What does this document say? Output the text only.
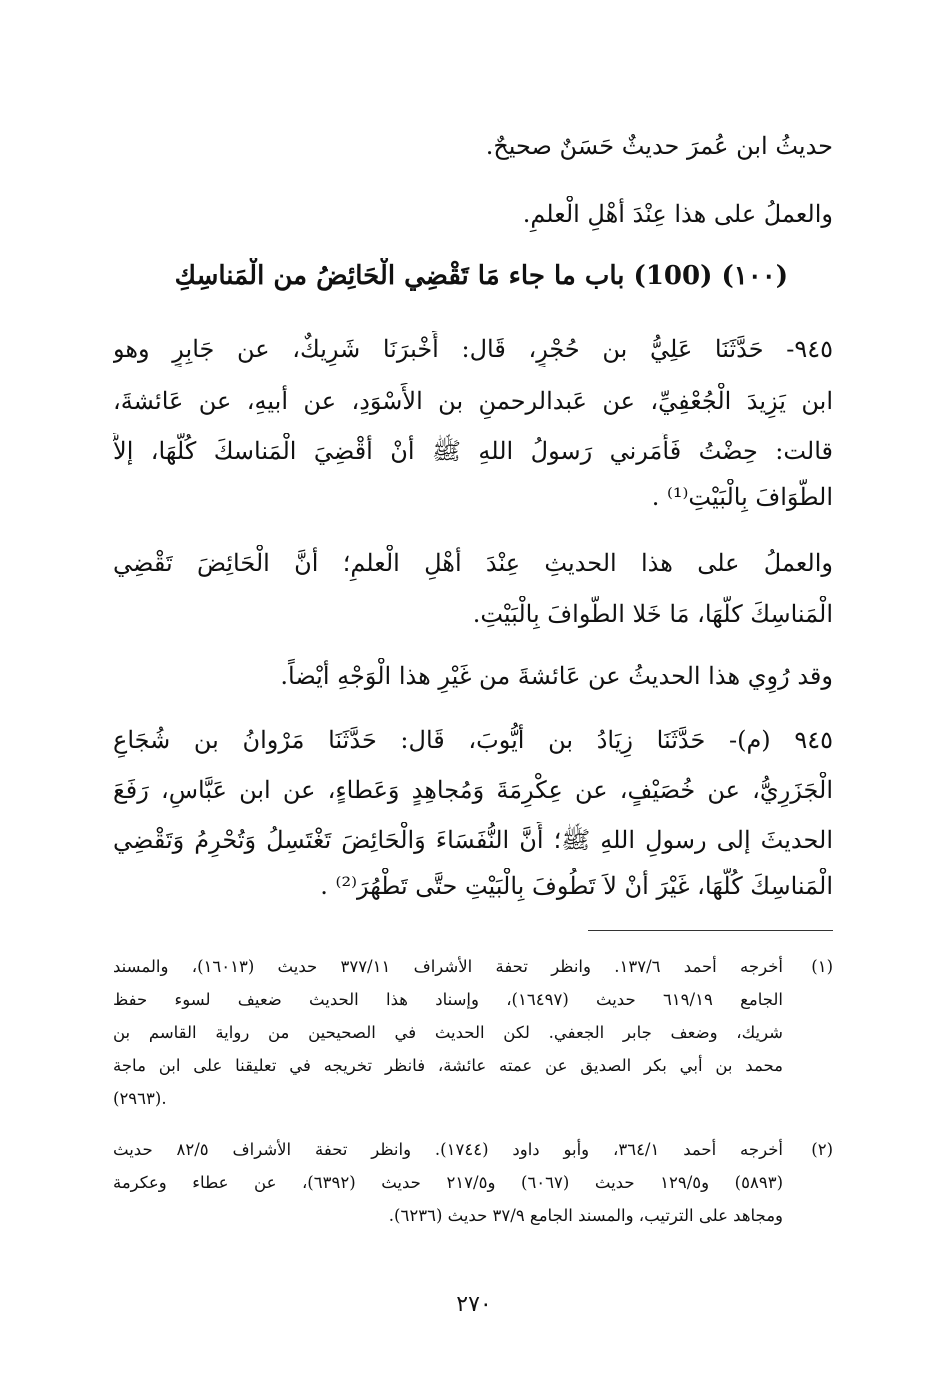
حديثُ ابن عُمرَ حديثٌ حَسَنٌ صحيحٌ.
والعملُ على هذا عِنْدَ أهْلِ الْعلمِ.
(١٠٠) (100) باب ما جاء مَا تَقْضِي الْحَائِضُ من الْمَناسِكِ
٩٤٥- حَدَّثَنَا عَلِيُّ بن حُجْرٍ، قَال: أَخْبرَنَا شَرِيكٌ، عن جَابِرٍ وهو
ابن يَزِيدَ الْجُعْفِيِّ، عن عَبدالرحمنِ بن الأَسْوَدِ، عن أبيهِ، عن عَائشةَ،
قالت: حِضْتُ فَأَمَرني رَسولُ اللهِ ﷺ أنْ أقْضِيَ الْمَناسكَ كُلّهَا، إلاَّ
الطَّوَافَ بِالْبَيْتِ⁽¹⁾ .
والعملُ على هذا الحديثِ عِنْدَ أهْلِ الْعلمِ؛ أنَّ الْحَائِضَ تَقْضِي
الْمَناسِكَ كلَّهَا، مَا خَلا الطَّوافَ بِالْبَيْتِ.
وقد رُوِي هذا الحديثُ عن عَائشةَ من غَيْرِ هذا الْوَجْهِ أيْضاً.
٩٤٥ (م)- حَدَّثَنَا زِيَادُ بن أيُّوبَ، قَال: حَدَّثَنَا مَرْوانُ بن شُجَاعٍ
الْجَزَرِيُّ، عن خُصَيْفٍ، عن عِكْرِمَةَ وَمُجاهِدٍ وَعَطاءٍ، عن ابن عَبَّاسٍ، رَفَعَ
الحديثَ إلى رسولِ اللهِ ﷺ؛ أَنَّ النُّفَسَاءَ وَالْحَائِضَ تَغْتَسِلُ وَتُحْرِمُ وَتَقْضِي
الْمَناسِكَ كُلَّهَا، غَيْرَ أنْ لاَ تَطُوفَ بِالْبَيْتِ حتَّى تَطْهُرَ⁽²⁾ .
(١)
أخرجه أحمد ١٣٧/٦. وانظر تحفة الأشراف ٣٧٧/١١ حديث (١٦٠١٣)، والمسند
الجامع ٦١٩/١٩ حديث (١٦٤٩٧)، وإسناد هذا الحديث ضعيف لسوء حفظ
شريك، وضعف جابر الجعفي. لكن الحديث في الصحيحين من رواية القاسم بن
محمد بن أبي بكر الصديق عن عمته عائشة، فانظر تخريجه في تعليقنا على ابن ماجة
(٢٩٦٣).
(٢)
أخرجه أحمد ٣٦٤/١، وأبو داود (١٧٤٤). وانظر تحفة الأشراف ٨٢/٥ حديث
(٥٨٩٣) و١٢٩/٥ حديث (٦٠٦٧) و٢١٧/٥ حديث (٦٣٩٢)، عن عطاء وعكرمة
ومجاهد على الترتيب، والمسند الجامع ٣٧/٩ حديث (٦٢٣٦).
٢٧٠
